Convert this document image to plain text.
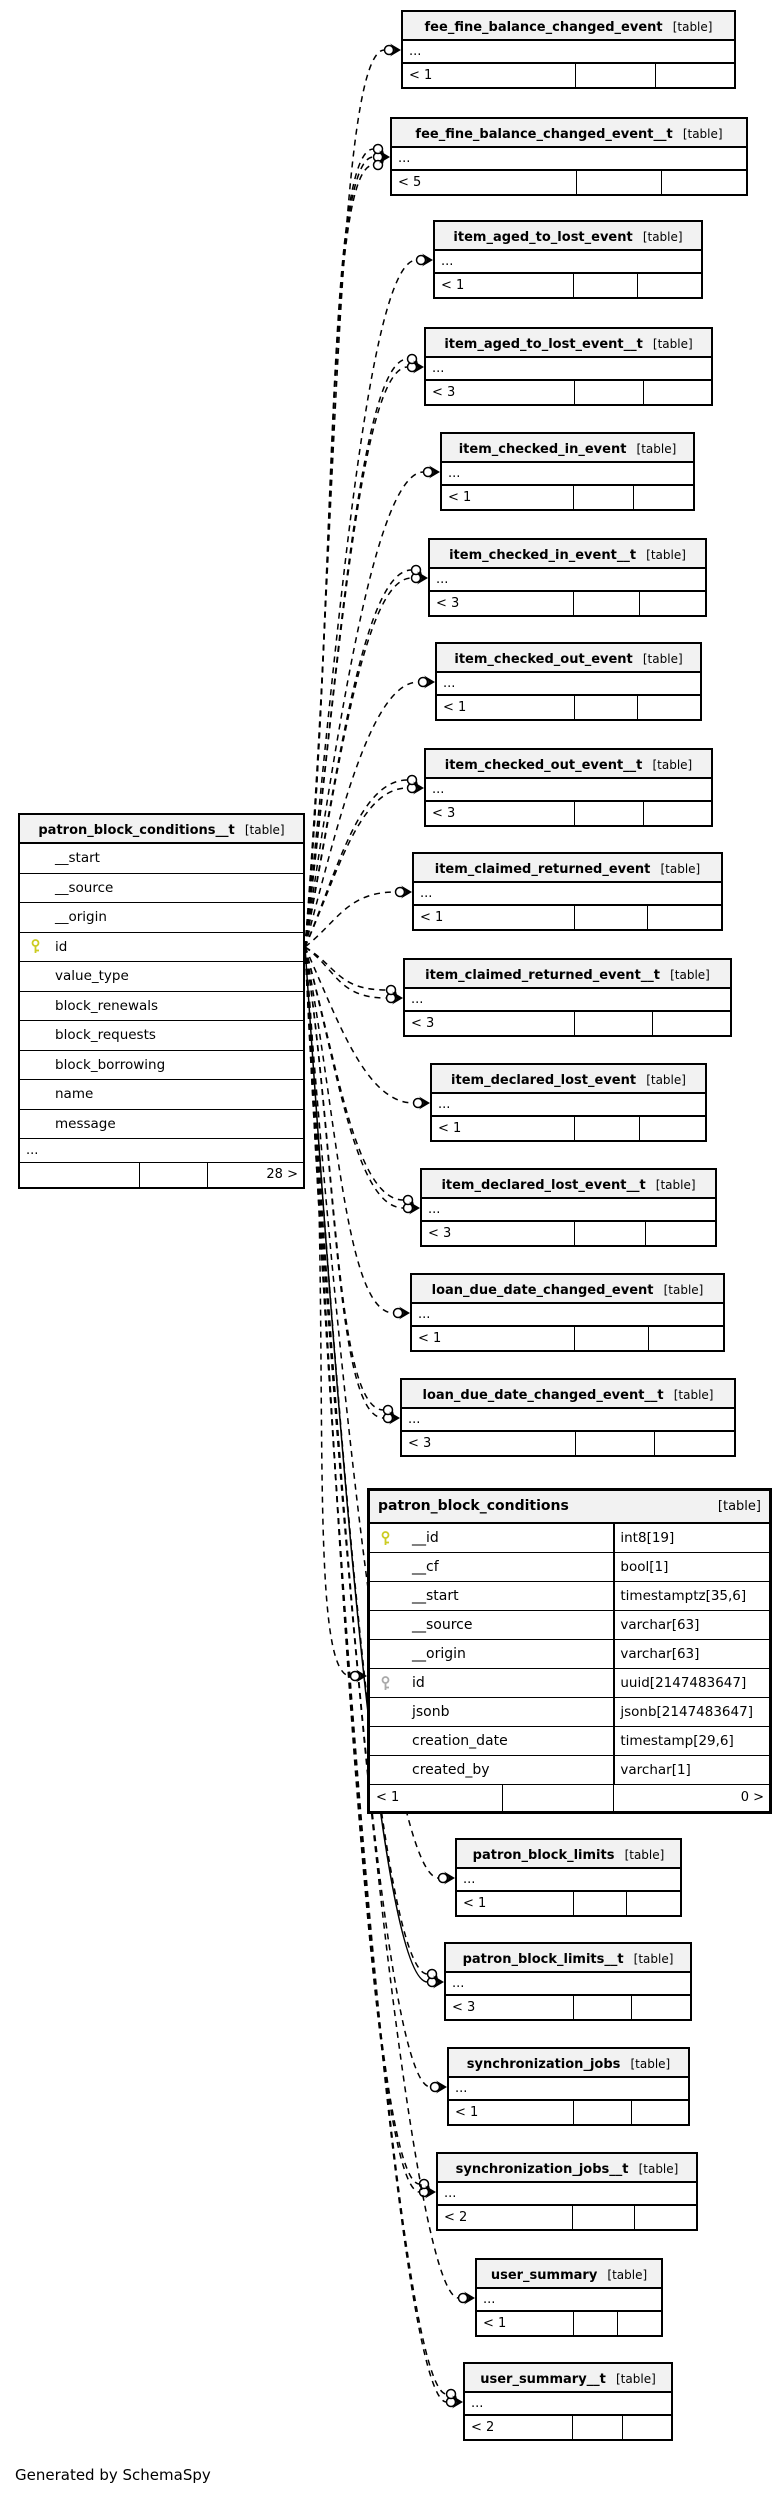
patron_block_conditions__t [table]
__start
__source
__origin
id
value_type
block_renewals
block_requests
block_borrowing
name
message
...
28 >
patron_block_conditions	[table]
__id	int8[19]
__cf	bool[1]
__start	timestamptz[35,6]
__source	varchar[63]
__origin	varchar[63]
id	uuid[2147483647]
jsonb	jsonb[2147483647]
creation_date	timestamp[29,6]
created_by	varchar[1]
< 1	0 >
Generated by SchemaSpy
fee_fine_balance_changed_event [table]
...
< 1
fee_fine_balance_changed_event__t [table]
...
< 5
item_aged_to_lost_event [table]
...
< 1
item_aged_to_lost_event__t [table]
...
< 3
item_checked_in_event [table]
...
< 1
item_checked_in_event__t [table]
...
< 3
item_checked_out_event [table]
...
< 1
item_checked_out_event__t [table]
...
< 3
item_claimed_returned_event [table]
...
< 1
item_claimed_returned_event__t [table]
...
< 3
item_declared_lost_event [table]
...
< 1
item_declared_lost_event__t [table]
...
< 3
loan_due_date_changed_event [table]
...
< 1
loan_due_date_changed_event__t [table]
...
< 3
patron_block_limits [table]
...
< 1
patron_block_limits__t [table]
...
< 3
synchronization_jobs [table]
...
< 1
synchronization_jobs__t [table]
...
< 2
user_summary [table]
...
< 1
user_summary__t [table]
...
< 2
